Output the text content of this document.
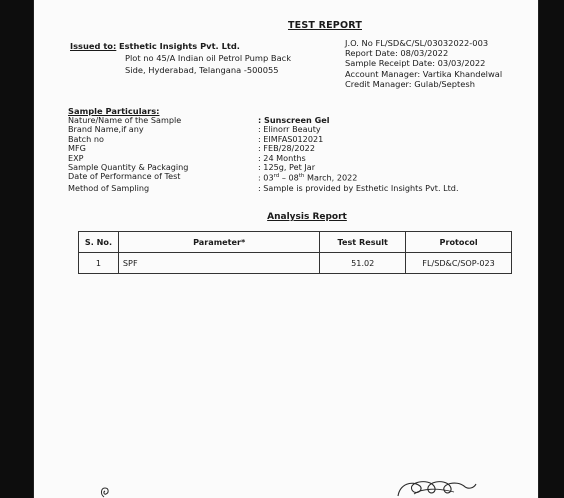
TEST REPORT
Issued to: Esthetic Insights Pvt. Ltd.
Plot no 45/A Indian oil Petrol Pump Back
Side, Hyderabad, Telangana -500055
J.O. No FL/SD&C/SL/03032022-003
Report Date: 08/03/2022
Sample Receipt Date: 03/03/2022
Account Manager: Vartika Khandelwal
Credit Manager: Gulab/Septesh
Sample Particulars:
Nature/Name of the Sample	: Sunscreen Gel
Brand Name,if any	: Elinorr Beauty
Batch no	: EIMFAS012021
MFG	: FEB/28/2022
EXP	: 24 Months
Sample Quantity & Packaging	: 125g, Pet Jar
Date of Performance of Test	: 03rd – 08th March, 2022
Method of Sampling	: Sample is provided by Esthetic Insights Pvt. Ltd.
Analysis Report
S. No.	Parameter*	Test Result	Protocol
1	SPF	51.02	FL/SD&C/SOP-023
